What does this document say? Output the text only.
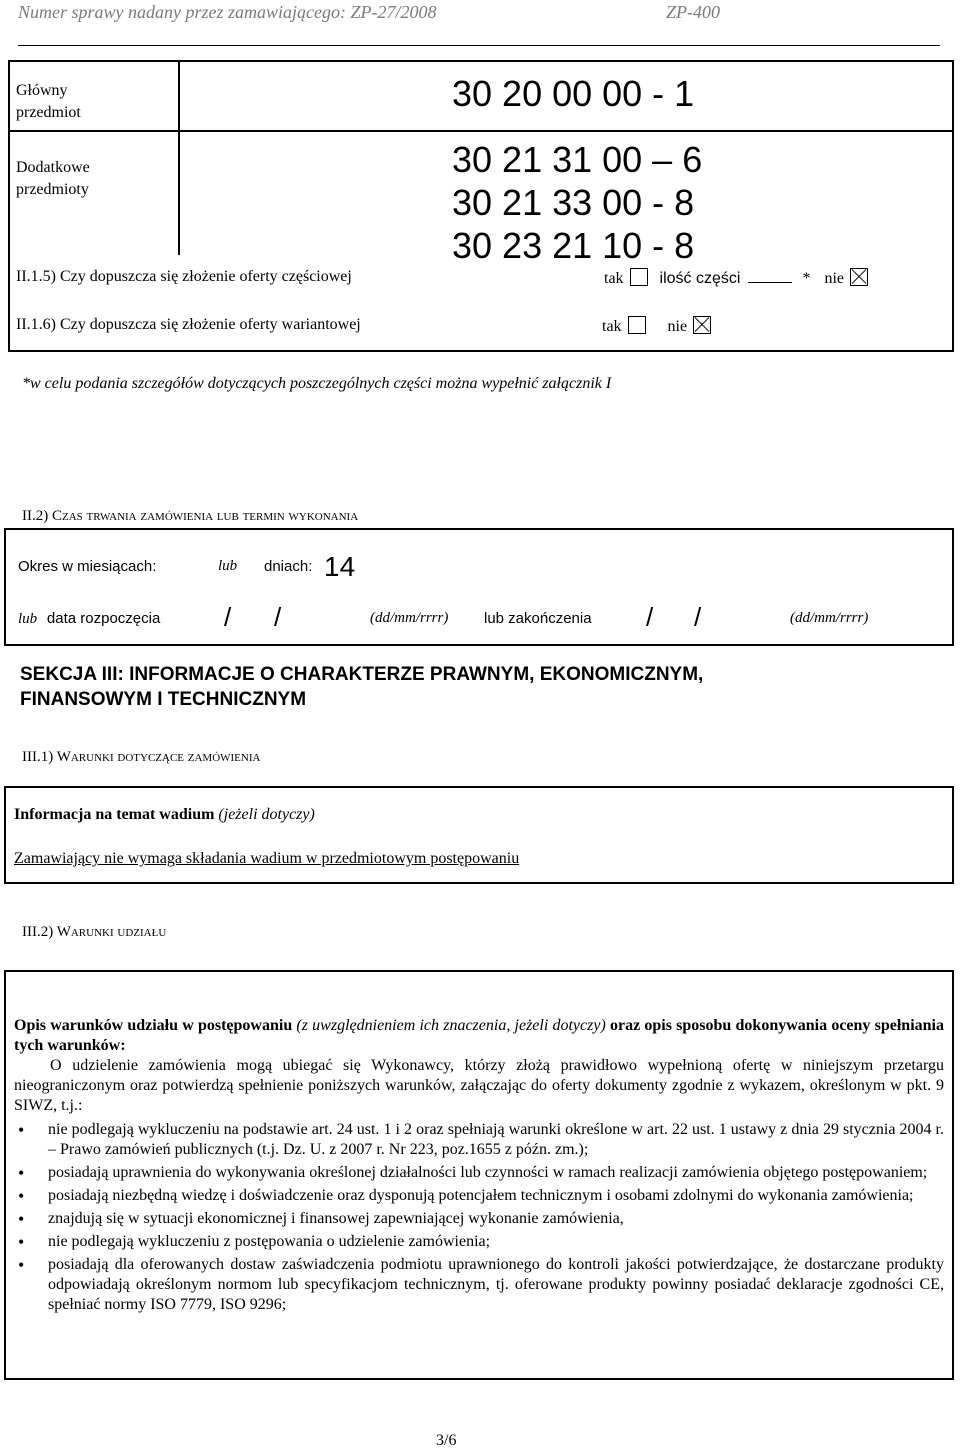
Numer sprawy nadany przez zamawiającego: ZP-27/2008	ZP-400
Główny przedmiot	30 20 00 00 - 1
Dodatkowe przedmioty
30 21 31 00 – 6
30 21 33 00 - 8
30 23 21 10 - 8
II.1.5) Czy dopuszcza się złożenie oferty częściowej	tak ilość części	* nie
II.1.6) Czy dopuszcza się złożenie oferty wariantowej	tak	nie
*w celu podania szczegółów dotyczących poszczególnych części można wypełnić załącznik I
II.2) Czas trwania zamówienia lub termin wykonania
Okres w miesiącach:	lub dniach: 14
lub data rozpoczęcia / /	(dd/mm/rrrr) lub zakończenia / /	(dd/mm/rrrr)
SEKCJA III: INFORMACJE O CHARAKTERZE PRAWNYM, EKONOMICZNYM,
FINANSOWYM I TECHNICZNYM
III.1) Warunki dotyczące zamówienia
Informacja na temat wadium (jeżeli dotyczy)
Zamawiający nie wymaga składania wadium w przedmiotowym postępowaniu
III.2) Warunki udziału
Opis warunków udziału w postępowaniu (z uwzględnieniem ich znaczenia, jeżeli dotyczy) oraz opis sposobu dokonywania oceny spełniania tych warunków:
O udzielenie zamówienia mogą ubiegać się Wykonawcy, którzy złożą prawidłowo wypełnioną ofertę w niniejszym przetargu nieograniczonym oraz potwierdzą spełnienie poniższych warunków, załączając do oferty dokumenty zgodnie z wykazem, określonym w pkt. 9 SIWZ, t.j.:
• nie podlegają wykluczeniu na podstawie art. 24 ust. 1 i 2 oraz spełniają warunki określone w art. 22 ust. 1 ustawy z dnia 29 stycznia 2004 r. – Prawo zamówień publicznych (t.j. Dz. U. z 2007 r. Nr 223, poz.1655 z późn. zm.);
• posiadają uprawnienia do wykonywania określonej działalności lub czynności w ramach realizacji zamówienia objętego postępowaniem;
• posiadają niezbędną wiedzę i doświadczenie oraz dysponują potencjałem technicznym i osobami zdolnymi do wykonania zamówienia;
• znajdują się w sytuacji ekonomicznej i finansowej zapewniającej wykonanie zamówienia,
• nie podlegają wykluczeniu z postępowania o udzielenie zamówienia;
• posiadają dla oferowanych dostaw zaświadczenia podmiotu uprawnionego do kontroli jakości potwierdzające, że dostarczane produkty odpowiadają określonym normom lub specyfikacjom technicznym, tj. oferowane produkty powinny posiadać deklaracje zgodności CE, spełniać normy ISO 7779, ISO 9296;
3/6
